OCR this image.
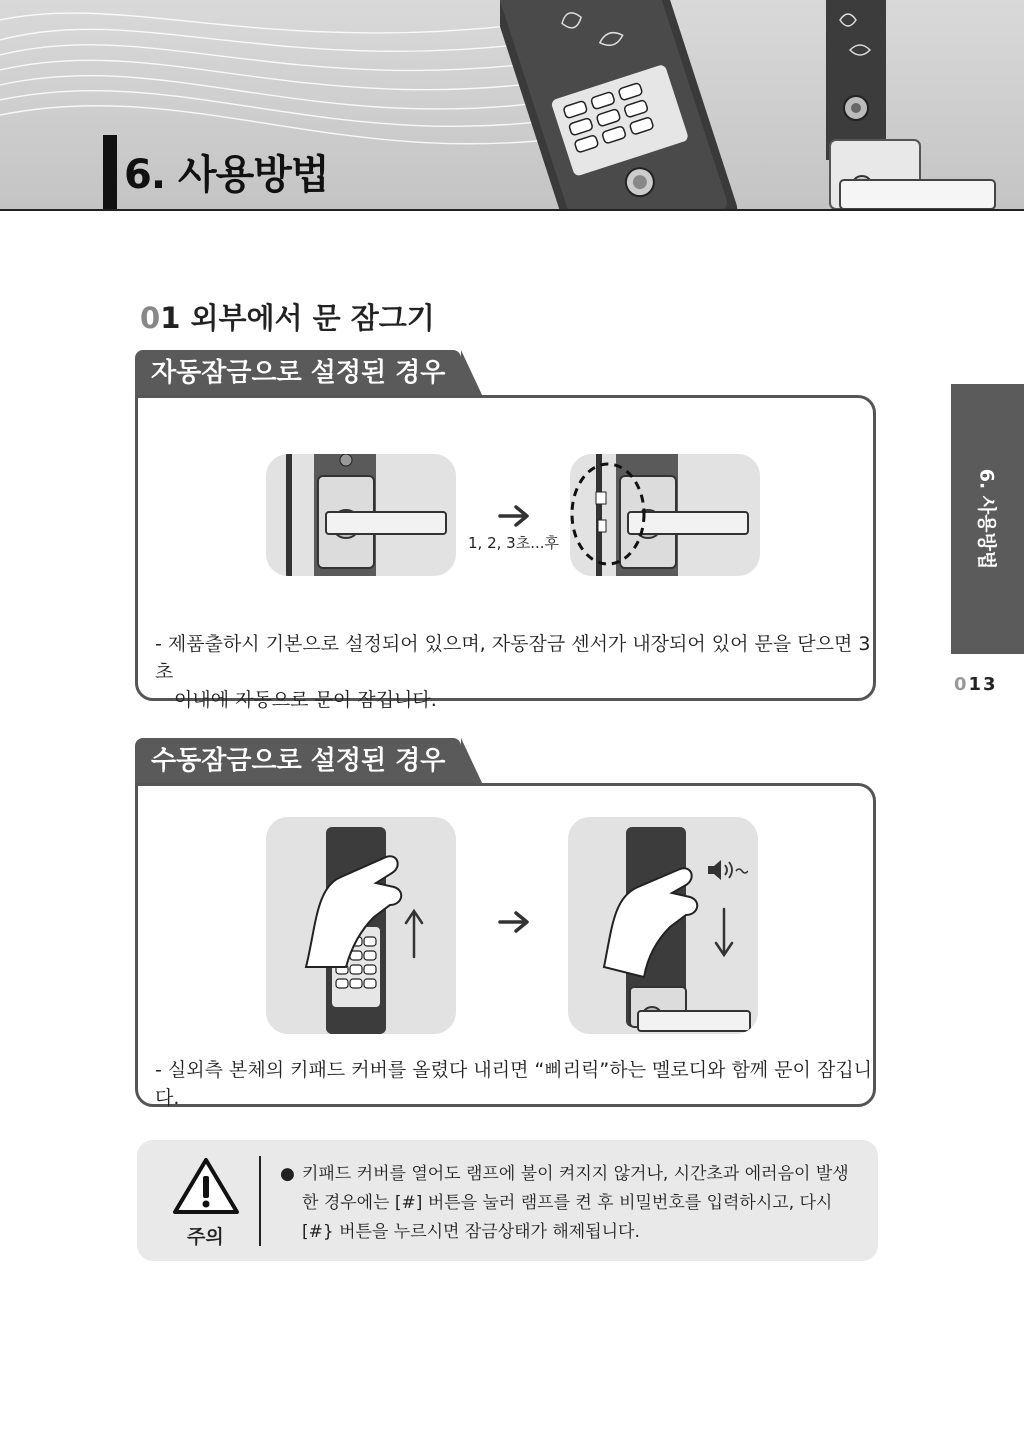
6. 사용방법
6. 사용방법
013
01 외부에서 문 잠그기
자동잠금으로 설정된 경우
1, 2, 3초...후
- 제품출하시 기본으로 설정되어 있으며, 자동잠금 센서가 내장되어 있어 문을 닫으면 3초
이내에 자동으로 문이 잠깁니다.
수동잠금으로 설정된 경우
- 실외측 본체의 키패드 커버를 올렸다 내리면 “삐리릭”하는 멜로디와 함께 문이 잠깁니다.
주의
● 키패드 커버를 열어도 램프에 불이 켜지지 않거나, 시간초과 에러음이 발생한 경우에는 [#] 버튼을 눌러 램프를 켠 후 비밀번호를 입력하시고, 다시 [#} 버튼을 누르시면 잠금상태가 해제됩니다.
